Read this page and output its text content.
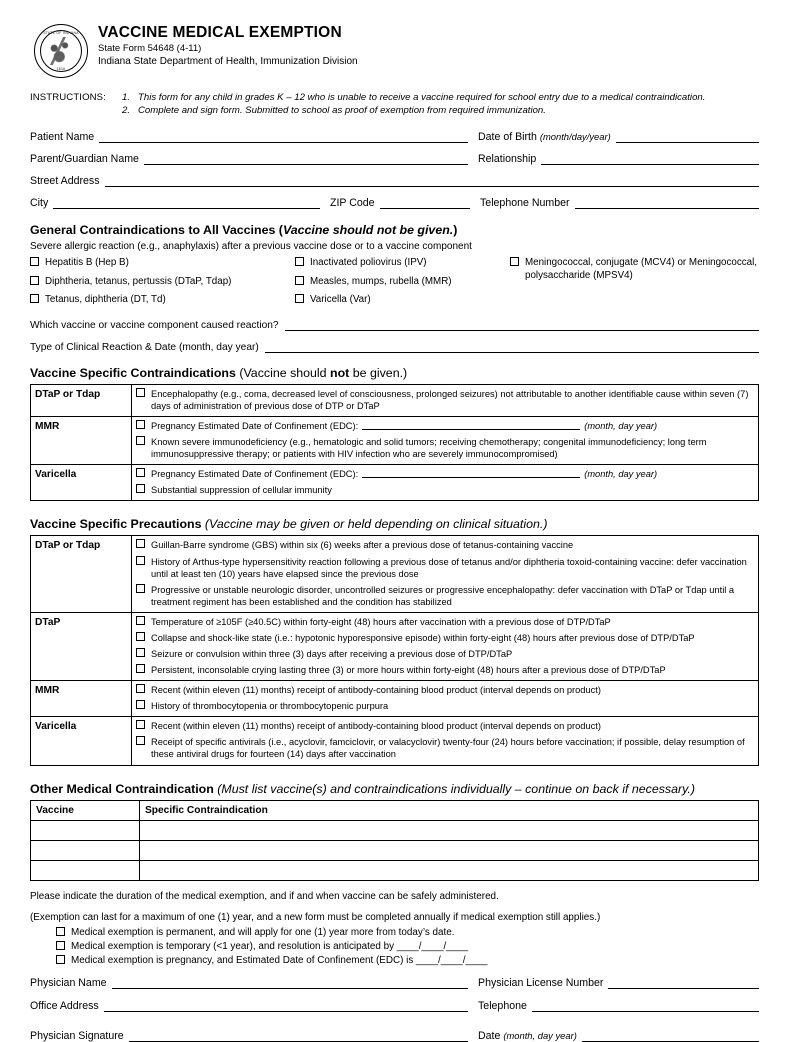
STATE OF INDIANA
1816
VACCINE MEDICAL EXEMPTION
State Form 54648 (4-11)
Indiana State Department of Health, Immunization Division
INSTRUCTIONS:	1. This form for any child in grades K – 12 who is unable to receive a vaccine required for school entry due to a medical contraindication.
2. Complete and sign form. Submitted to school as proof of exemption from required immunization.
Patient Name	Date of Birth (month/day/year)
Parent/Guardian Name	Relationship
Street Address
City	ZIP Code	Telephone Number
General Contraindications to All Vaccines (Vaccine should not be given.)
Severe allergic reaction (e.g., anaphylaxis) after a previous vaccine dose or to a vaccine component
Hepatitis B (Hep B)
Diphtheria, tetanus, pertussis (DTaP, Tdap)
Tetanus, diphtheria (DT, Td)
Inactivated poliovirus (IPV)
Measles, mumps, rubella (MMR)
Varicella (Var)
Meningococcal, conjugate (MCV4) or Meningococcal, polysaccharide (MPSV4)
Which vaccine or vaccine component caused reaction?
Type of Clinical Reaction & Date (month, day year)
Vaccine Specific Contraindications (Vaccine should not be given.)
DTaP or Tdap	Encephalopathy (e.g., coma, decreased level of consciousness, prolonged seizures) not attributable to another identifiable cause within seven (7) days of administration of previous dose of DTP or DTaP

MMR	Pregnancy Estimated Date of Confinement (EDC): (month, day year)
Known severe immunodeficiency (e.g., hematologic and solid tumors; receiving chemotherapy; congenital immunodeficiency; long term immunosuppressive therapy; or patients with HIV infection who are severely immunocompromised)

Varicella	Pregnancy Estimated Date of Confinement (EDC): (month, day year)
Substantial suppression of cellular immunity
Vaccine Specific Precautions (Vaccine may be given or held depending on clinical situation.)
DTaP or Tdap	Guillan-Barre syndrome (GBS) within six (6) weeks after a previous dose of tetanus-containing vaccine
History of Arthus-type hypersensitivity reaction following a previous dose of tetanus and/or diphtheria toxoid-containing vaccine: defer vaccination until at least ten (10) years have elapsed since the previous dose
Progressive or unstable neurologic disorder, uncontrolled seizures or progressive encephalopathy: defer vaccination with DTaP or Tdap until a treatment regiment has been established and the condition has stabilized

DTaP	Temperature of ≥105F (≥40.5C) within forty-eight (48) hours after vaccination with a previous dose of DTP/DTaP
Collapse and shock-like state (i.e.: hypotonic hyporesponsive episode) within forty-eight (48) hours after previous dose of DTP/DTaP
Seizure or convulsion within three (3) days after receiving a previous dose of DTP/DTaP
Persistent, inconsolable crying lasting three (3) or more hours within forty-eight (48) hours after a previous dose of DTP/DTaP

MMR	Recent (within eleven (11) months) receipt of antibody-containing blood product (interval depends on product)
History of thrombocytopenia or thrombocytopenic purpura

Varicella	Recent (within eleven (11) months) receipt of antibody-containing blood product (interval depends on product)
Receipt of specific antivirals (i.e., acyclovir, famciclovir, or valacyclovir) twenty-four (24) hours before vaccination; if possible, delay resumption of these antiviral drugs for fourteen (14) days after vaccination
Other Medical Contraindication (Must list vaccine(s) and contraindications individually – continue on back if necessary.)
Vaccine	Specific Contraindication

Please indicate the duration of the medical exemption, and if and when vaccine can be safely administered.
(Exemption can last for a maximum of one (1) year, and a new form must be completed annually if medical exemption still applies.)
Medical exemption is permanent, and will apply for one (1) year more from today’s date.
Medical exemption is temporary (<1 year), and resolution is anticipated by ____/____/____
Medical exemption is pregnancy, and Estimated Date of Confinement (EDC) is ____/____/____
Physician Name	Physician License Number
Office Address	Telephone
Physician Signature	Date (month, day year)
